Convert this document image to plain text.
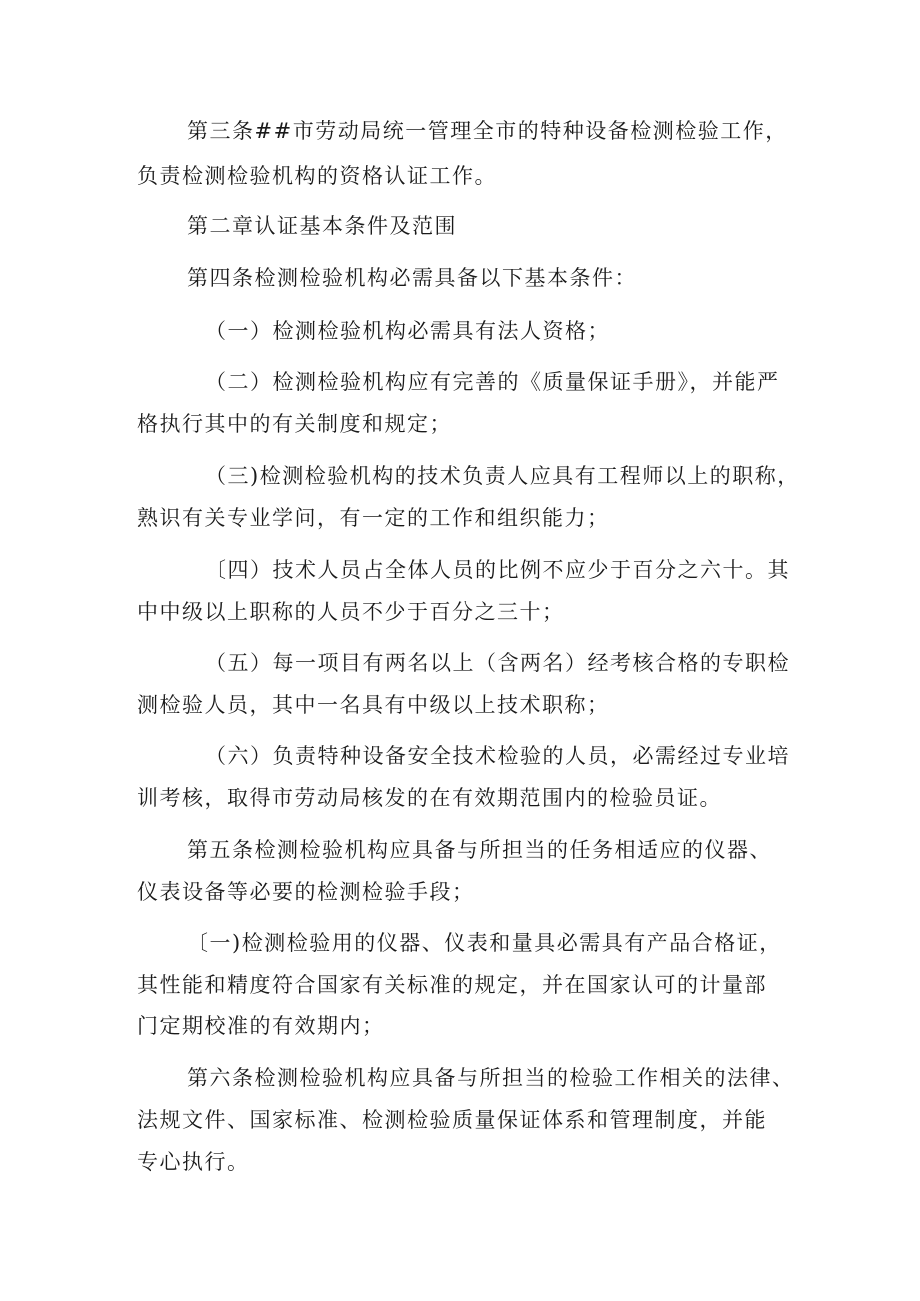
第三条##市劳动局统一管理全市的特种设备检测检验工作，
负责检测检验机构的资格认证工作。
第二章认证基本条件及范围
第四条检测检验机构必需具备以下基本条件：
（一）检测检验机构必需具有法人资格；
（二）检测检验机构应有完善的《质量保证手册》，并能严
格执行其中的有关制度和规定；
（三)检测检验机构的技术负责人应具有工程师以上的职称，
熟识有关专业学问，有一定的工作和组织能力；
〔四）技术人员占全体人员的比例不应少于百分之六十。其
中中级以上职称的人员不少于百分之三十；
（五）每一项目有两名以上（含两名）经考核合格的专职检
测检验人员，其中一名具有中级以上技术职称；
（六）负责特种设备安全技术检验的人员，必需经过专业培
训考核，取得市劳动局核发的在有效期范围内的检验员证。
第五条检测检验机构应具备与所担当的任务相适应的仪器、
仪表设备等必要的检测检验手段；
〔一)检测检验用的仪器、仪表和量具必需具有产品合格证，
其性能和精度符合国家有关标准的规定，并在国家认可的计量部
门定期校准的有效期内；
第六条检测检验机构应具备与所担当的检验工作相关的法律、
法规文件、国家标准、检测检验质量保证体系和管理制度，并能
专心执行。
